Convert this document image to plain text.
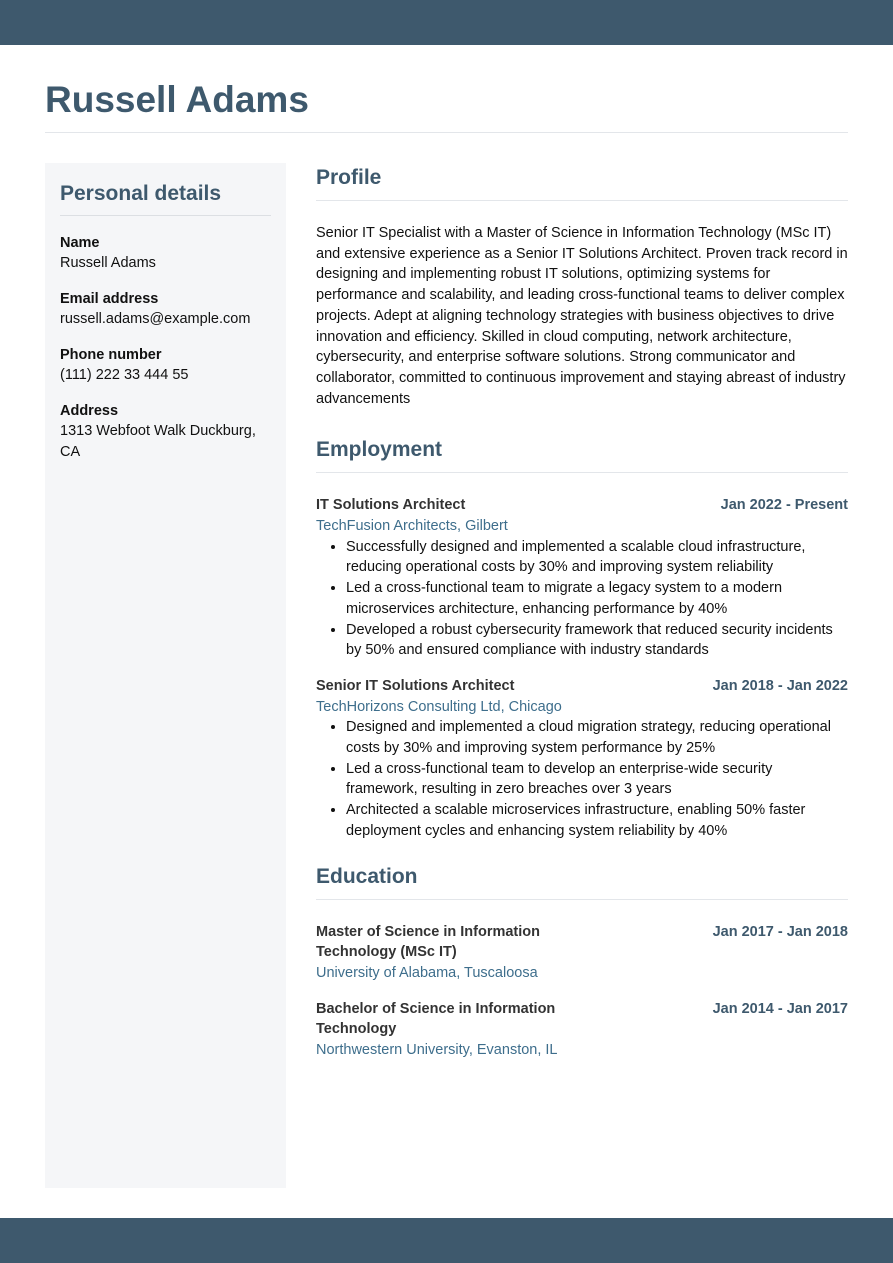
Russell Adams
Personal details
Name
Russell Adams
Email address
russell.adams@example.com
Phone number
(111) 222 33 444 55
Address
1313 Webfoot Walk Duckburg, CA
Profile

Senior IT Specialist with a Master of Science in Information Technology (MSc IT) and extensive experience as a Senior IT Solutions Architect. Proven track record in designing and implementing robust IT solutions, optimizing systems for performance and scalability, and leading cross-functional teams to deliver complex projects. Adept at aligning technology strategies with business objectives to drive innovation and efficiency. Skilled in cloud computing, network architecture, cybersecurity, and enterprise software solutions. Strong communicator and collaborator, committed to continuous improvement and staying abreast of industry advancements

Employment
IT Solutions Architect	Jan 2022 - Present
TechFusion Architects, Gilbert
• Successfully designed and implemented a scalable cloud infrastructure, reducing operational costs by 30% and improving system reliability
• Led a cross-functional team to migrate a legacy system to a modern microservices architecture, enhancing performance by 40%
• Developed a robust cybersecurity framework that reduced security incidents by 50% and ensured compliance with industry standards
Senior IT Solutions Architect	Jan 2018 - Jan 2022
TechHorizons Consulting Ltd, Chicago
• Designed and implemented a cloud migration strategy, reducing operational costs by 30% and improving system performance by 25%
• Led a cross-functional team to develop an enterprise-wide security framework, resulting in zero breaches over 3 years
• Architected a scalable microservices infrastructure, enabling 50% faster deployment cycles and enhancing system reliability by 40%
Education
Master of Science in Information Technology (MSc IT)
Jan 2017 - Jan 2018
University of Alabama, Tuscaloosa
Bachelor of Science in Information Technology
Jan 2014 - Jan 2017
Northwestern University, Evanston, IL
